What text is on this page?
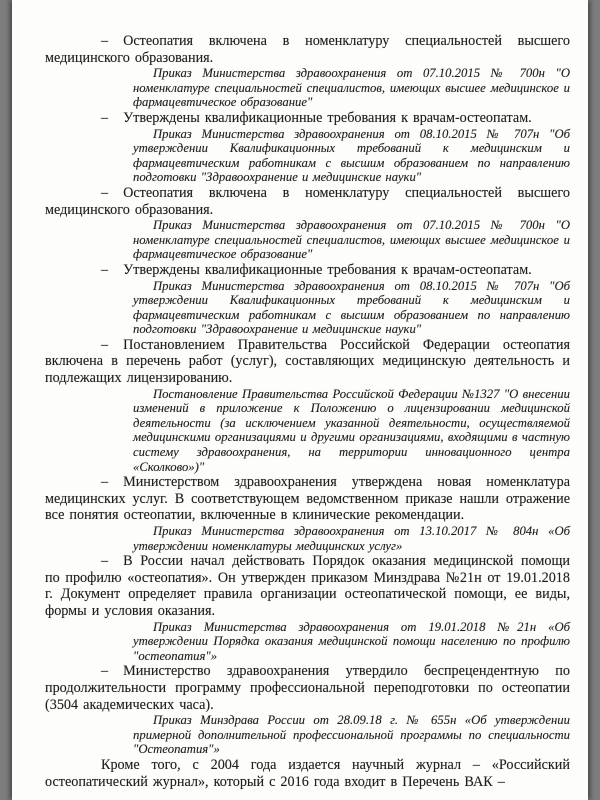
– Остеопатия включена в номенклатуру специальностей высшего медицинского образования.

Приказ Министерства здравоохранения от 07.10.2015 № 700н "О номенклатуре специальностей специалистов, имеющих высшее медицинское и фармацевтическое образование"

– Утверждены квалификационные требования к врачам-остеопатам.

Приказ Министерства здравоохранения от 08.10.2015 № 707н "Об утверждении Квалификационных требований к медицинским и фармацевтическим работникам с высшим образованием по направлению подготовки "Здравоохранение и медицинские науки"

– Остеопатия включена в номенклатуру специальностей высшего медицинского образования.

Приказ Министерства здравоохранения от 07.10.2015 № 700н "О номенклатуре специальностей специалистов, имеющих высшее медицинское и фармацевтическое образование"

– Утверждены квалификационные требования к врачам-остеопатам.

Приказ Министерства здравоохранения от 08.10.2015 № 707н "Об утверждении Квалификационных требований к медицинским и фармацевтическим работникам с высшим образованием по направлению подготовки "Здравоохранение и медицинские науки"

– Постановлением Правительства Российской Федерации остеопатия включена в перечень работ (услуг), составляющих медицинскую деятельность и подлежащих лицензированию.

Постановление Правительства Российской Федерации №1327 "О внесении изменений в приложение к Положению о лицензировании медицинской деятельности (за исключением указанной деятельности, осуществляемой медицинскими организациями и другими организациями, входящими в частную систему здравоохранения, на территории инновационного центра «Сколково»)"

– Министерством здравоохранения утверждена новая номенклатура медицинских услуг. В соответствующем ведомственном приказе нашли отражение все понятия остеопатии, включенные в клинические рекомендации.

Приказ Министерства здравоохранения от 13.10.2017 № 804н «Об утверждении номенклатуры медицинских услуг»

– В России начал действовать Порядок оказания медицинской помощи по профилю «остеопатия». Он утвержден приказом Минздрава №21н от 19.01.2018 г. Документ определяет правила организации остеопатической помощи, ее виды, формы и условия оказания.

Приказ Министерства здравоохранения от 19.01.2018 №21н «Об утверждении Порядка оказания медицинской помощи населению по профилю "остеопатия"»

– Министерство здравоохранения утвердило беспрецендентную по продолжительности программу профессиональной переподготовки по остеопатии (3504 академических часа).

Приказ Минздрава России от 28.09.18 г. № 655н «Об утверждении примерной дополнительной профессиональной программы по специальности "Остеопатия"»

Кроме того, с 2004 года издается научный журнал – «Российский остеопатический журнал», который с 2016 года входит в Перечень ВАК –
